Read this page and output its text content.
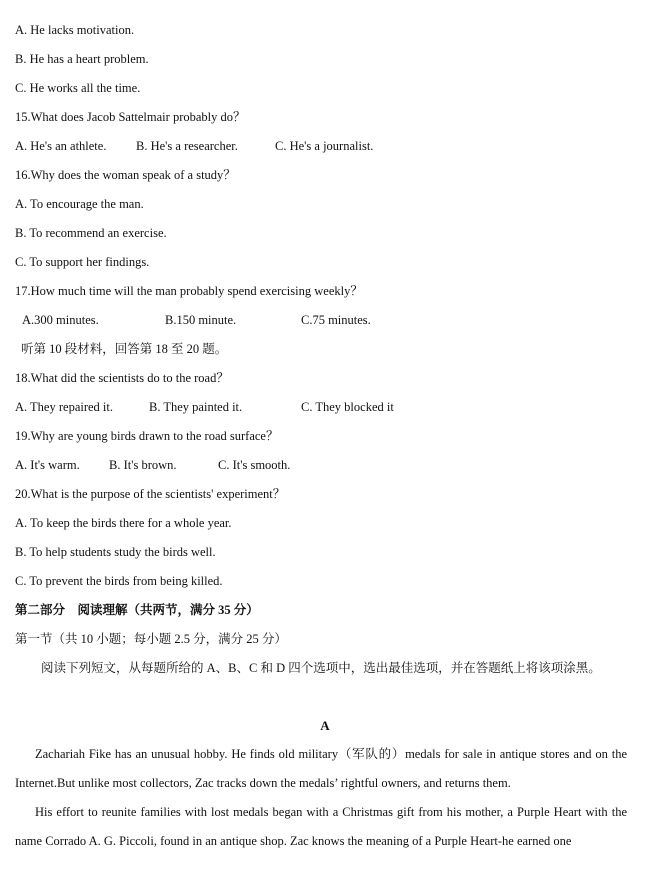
A. He lacks motivation.
B. He has a heart problem.
C. He works all the time.
15.What does Jacob Sattelmair probably do？
A. He's an athlete. B. He's a researcher.	C. He's a journalist.
16.Why does the woman speak of a study？
A. To encourage the man.
B. To recommend an exercise.
C. To support her findings.
17.How much time will the man probably spend exercising weekly？
A.300 minutes.	B.150 minute.	C.75 minutes.
听第 10 段材料，回答第 18 至 20 题。
18.What did the scientists do to the road？
A. They repaired it.	B. They painted it.	C. They blocked it
19.Why are young birds drawn to the road surface？
A. It's warm. B. It's brown.	C. It's smooth.
20.What is the purpose of the scientists' experiment？
A. To keep the birds there for a whole year.
B. To help students study the birds well.
C. To prevent the birds from being killed.
第二部分　阅读理解（共两节，满分 35 分）
第一节（共 10 小题；每小题 2.5 分，满分 25 分）
阅读下列短文，从每题所给的 A、B、C 和 D 四个选项中，选出最佳选项，并在答题纸上将该项涂黑。
A
Zachariah Fike has an unusual hobby. He finds old military（军队的）medals for sale in antique stores and on the Internet.But unlike most collectors, Zac tracks down the medals’ rightful owners, and returns them.
His effort to reunite families with lost medals began with a Christmas gift from his mother, a Purple Heart with the name Corrado A. G. Piccoli, found in an antique shop. Zac knows the meaning of a Purple Heart-he earned one
